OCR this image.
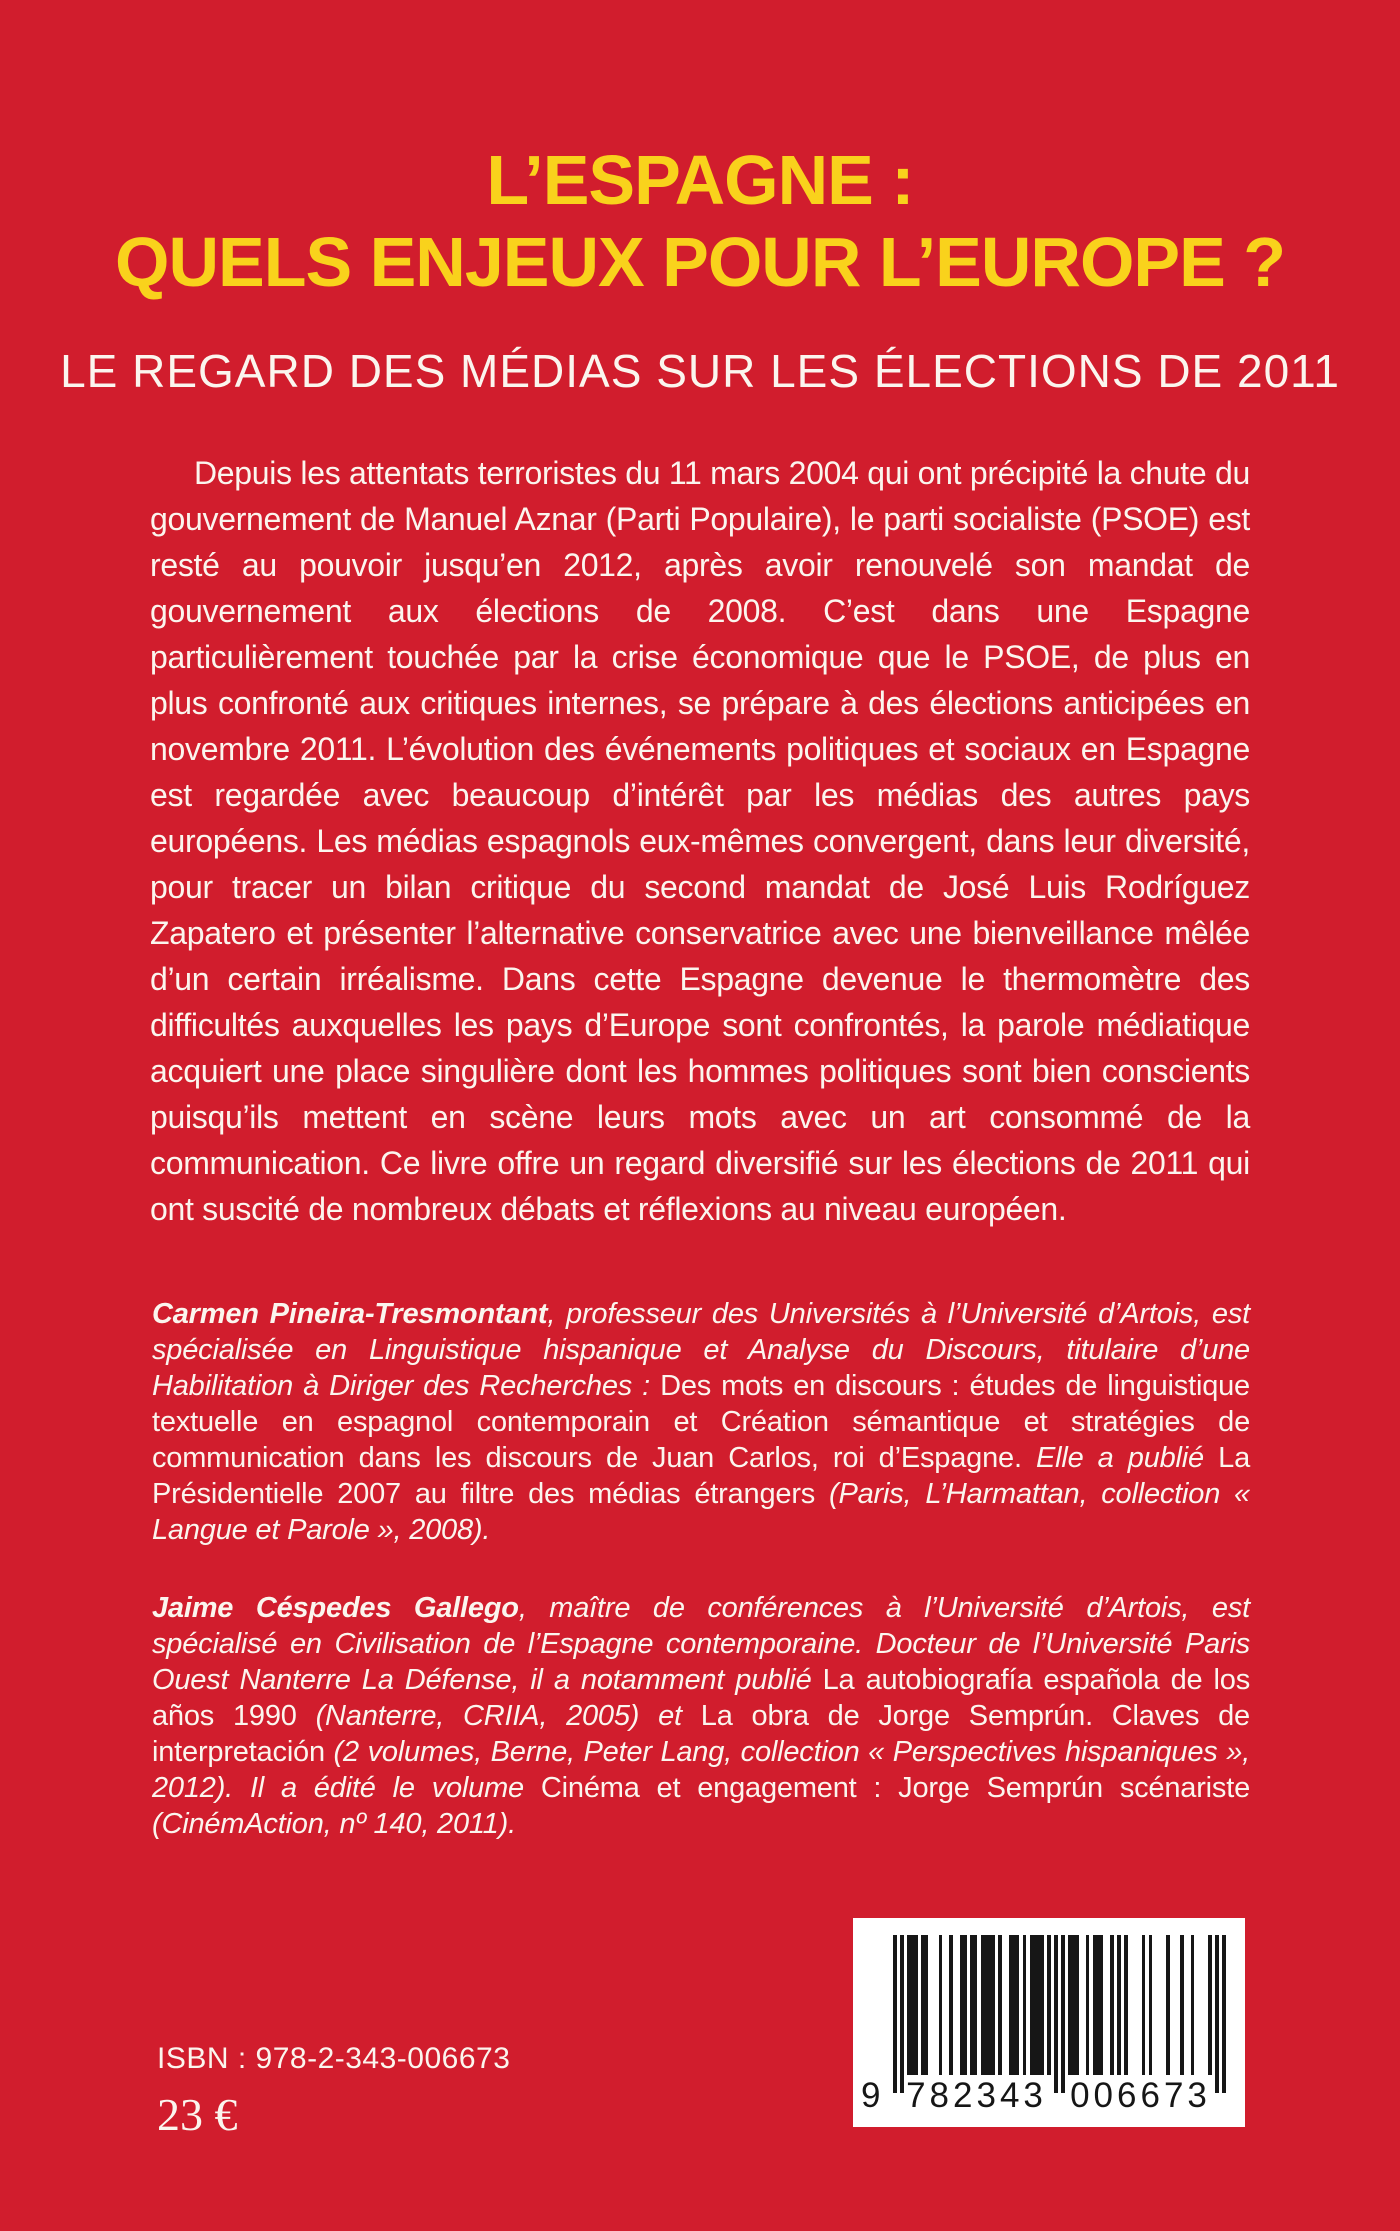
L’ESPAGNE :
QUELS ENJEUX POUR L’EUROPE ?
LE REGARD DES MÉDIAS SUR LES ÉLECTIONS DE 2011

Depuis les attentats terroristes du 11 mars 2004 qui ont précipité la chute du gouvernement de Manuel Aznar (Parti Populaire), le parti socialiste (PSOE) est resté au pouvoir jusqu’en 2012, après avoir renouvelé son mandat de gouvernement aux élections de 2008. C’est dans une Espagne particulièrement touchée par la crise économique que le PSOE, de plus en plus confronté aux critiques internes, se prépare à des élections anticipées en novembre 2011. L’évolution des événements politiques et sociaux en Espagne est regardée avec beaucoup d’intérêt par les médias des autres pays européens. Les médias espagnols eux-mêmes convergent, dans leur diversité, pour tracer un bilan critique du second mandat de José Luis Rodríguez Zapatero et présenter l’alternative conservatrice avec une bienveillance mêlée d’un certain irréalisme. Dans cette Espagne devenue le thermomètre des difficultés auxquelles les pays d’Europe sont confrontés, la parole médiatique acquiert une place singulière dont les hommes politiques sont bien conscients puisqu’ils mettent en scène leurs mots avec un art consommé de la communication. Ce livre offre un regard diversifié sur les élections de 2011 qui ont suscité de nombreux débats et réflexions au niveau européen.

Carmen Pineira-Tresmontant, professeur des Universités à l’Université d’Artois, est spécialisée en Linguistique hispanique et Analyse du Discours, titulaire d’une Habilitation à Diriger des Recherches : Des mots en discours : études de linguistique textuelle en espagnol contemporain et Création sémantique et stratégies de communication dans les discours de Juan Carlos, roi d’Espagne. Elle a publié La Présidentielle 2007 au filtre des médias étrangers (Paris, L’Harmattan, collection « Langue et Parole », 2008).

Jaime Céspedes Gallego, maître de conférences à l’Université d’Artois, est spécialisé en Civilisation de l’Espagne contemporaine. Docteur de l’Université Paris Ouest Nanterre La Défense, il a notamment publié La autobiografía española de los años 1990 (Nanterre, CRIIA, 2005) et La obra de Jorge Semprún. Claves de interpretación (2 volumes, Berne, Peter Lang, collection « Perspectives hispaniques », 2012). Il a édité le volume Cinéma et engagement : Jorge Semprún scénariste (CinémAction, nº 140, 2011).

ISBN : 978-2-343-006673
23 €	9 782343 006673
